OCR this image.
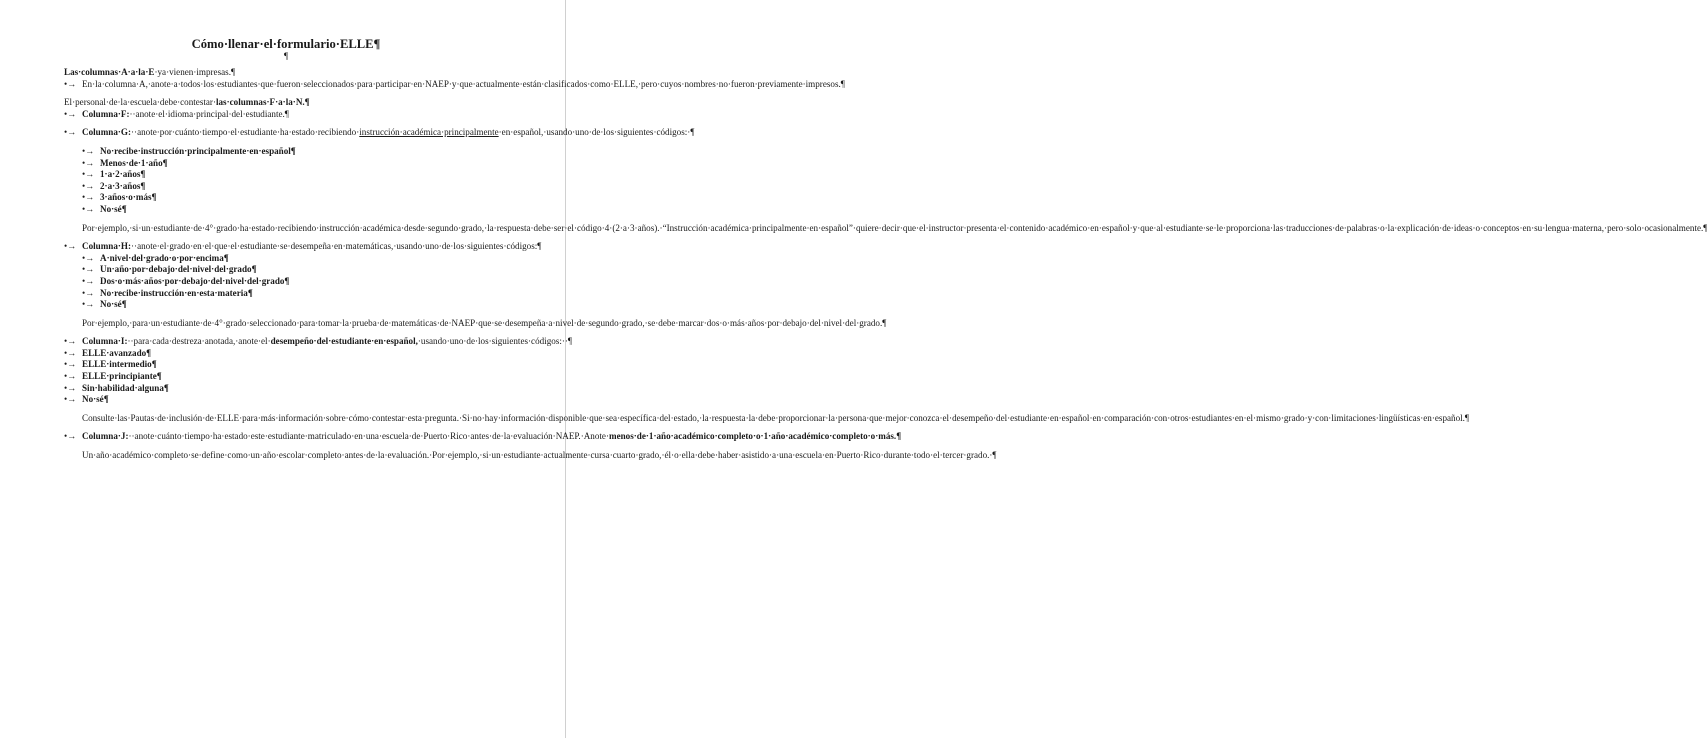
Cómo·llenar·el·formulario·ELLE¶

¶

Las·columnas·A·a·la·E·ya·vienen·impresas.¶

•→ En·la·columna·A,·anote·a·todos·los·estudiantes·que·fueron·seleccionados·para·participar·en·NAEP·y·que·actualmente·están·clasificados·como·ELLE,·pero·cuyos·nombres·no·fueron·previamente·impresos.¶

El·personal·de·la·escuela·debe·contestar·las·columnas·F·a·la·N.¶

•→ Columna·F:··anote·el·idioma·principal·del·estudiante.¶
•→ Columna·G:··anote·por·cuánto·tiempo·el·estudiante·ha·estado·recibiendo·instrucción·académica·principalmente·en·español,·usando·uno·de·los·siguientes·códigos:·¶
•→ No·recibe·instrucción·principalmente·en·español¶
•→ Menos·de·1·año¶
•→ 1·a·2·años¶
•→ 2·a·3·años¶
•→ 3·años·o·más¶
•→ No·sé¶

Por·ejemplo,·si·un·estudiante·de·4°·grado·ha·estado·recibiendo·instrucción·académica·desde·segundo·grado,·la·respuesta·debe·ser·el·código·4·(2·a·3·años).·“Instrucción·académica·principalmente·en·español”·quiere·decir·que·el·instructor·presenta·el·contenido·académico·en·español·y·que·al·estudiante·se·le·proporciona·las·traducciones·de·palabras·o·la·explicación·de·ideas·o·conceptos·en·su·lengua·materna,·pero·solo·ocasionalmente.¶

•→ Columna·H:··anote·el·grado·en·el·que·el·estudiante·se·desempeña·en·matemáticas,·usando·uno·de·los·siguientes·códigos:¶
•→ A·nivel·del·grado·o·por·encima¶
•→ Un·año·por·debajo·del·nivel·del·grado¶
•→ Dos·o·más·años·por·debajo·del·nivel·del·grado¶
•→ No·recibe·instrucción·en·esta·materia¶
•→ No·sé¶

Por·ejemplo,·para·un·estudiante·de·4°·grado·seleccionado·para·tomar·la·prueba·de·matemáticas·de·NAEP·que·se·desempeña·a·nivel·de·segundo·grado,·se·debe·marcar·dos·o·más·años·por·debajo·del·nivel·del·grado.¶

•→ Columna·I:··para·cada·destreza·anotada,·anote·el·desempeño·del·estudiante·en·español,·usando·uno·de·los·siguientes·códigos:··¶
•→ ELLE·avanzado¶
•→ ELLE·intermedio¶
•→ ELLE·principiante¶
•→ Sin·habilidad·alguna¶
•→ No·sé¶

Consulte·las·Pautas·de·inclusión·de·ELLE·para·más·información·sobre·cómo·contestar·esta·pregunta.·Si·no·hay·información·disponible·que·sea·específica·del·estado,·la·respuesta·la·debe·proporcionar·la·persona·que·mejor·conozca·el·desempeño·del·estudiante·en·español·en·comparación·con·otros·estudiantes·en·el·mismo·grado·y·con·limitaciones·lingüísticas·en·español.¶

•→ Columna·J:··anote·cuánto·tiempo·ha·estado·este·estudiante·matriculado·en·una·escuela·de·Puerto·Rico·antes·de·la·evaluación·NAEP.·Anote·menos·de·1·año·académico·completo·o·1·año·académico·completo·o·más.¶

Un·año·académico·completo·se·define·como·un·año·escolar·completo·antes·de·la·evaluación.·Por·ejemplo,·si·un·estudiante·actualmente·cursa·cuarto·grado,·él·o·ella·debe·haber·asistido·a·una·escuela·en·Puerto·Rico·durante·todo·el·tercer·grado.·¶
